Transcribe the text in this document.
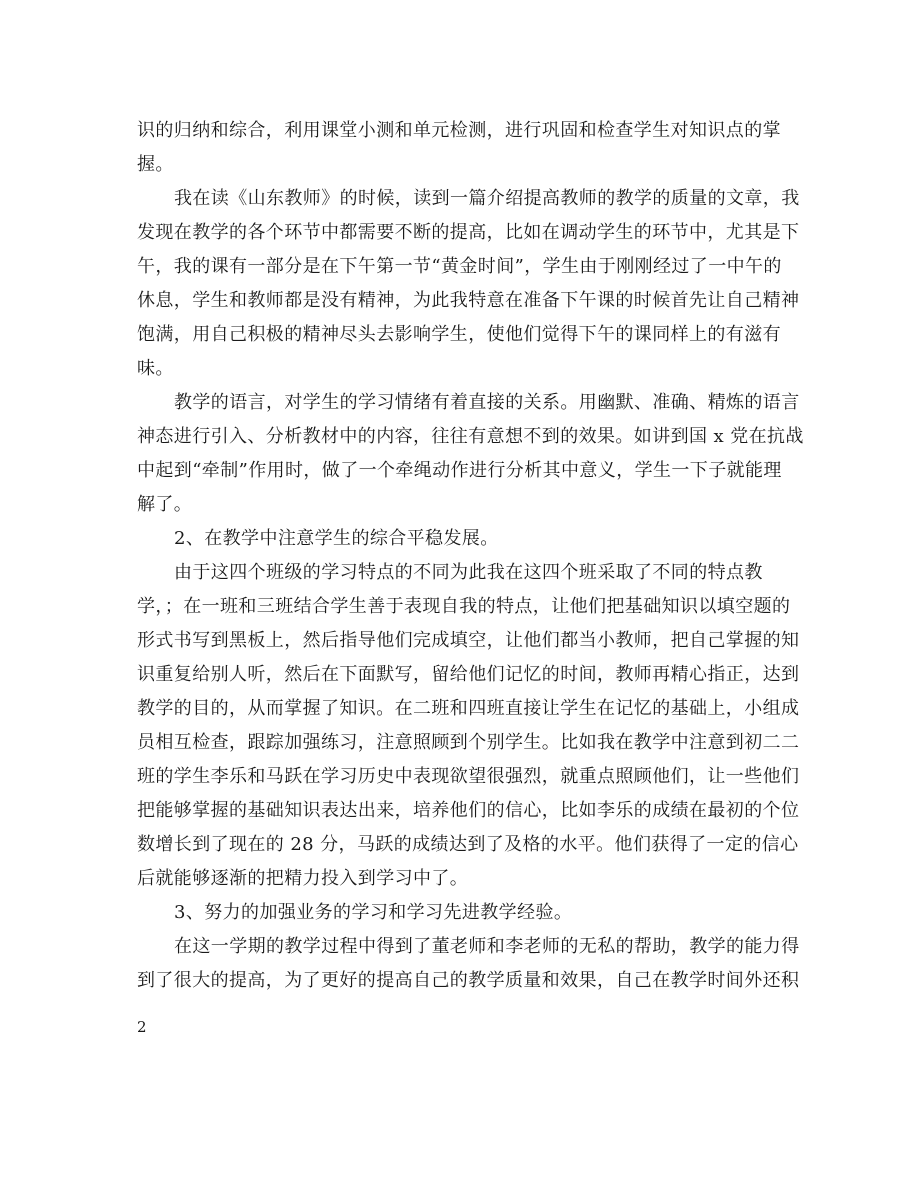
识的归纳和综合，利用课堂小测和单元检测，进行巩固和检查学生对知识点的掌
握。
我在读《山东教师》的时候，读到一篇介绍提高教师的教学的质量的文章，我
发现在教学的各个环节中都需要不断的提高，比如在调动学生的环节中，尤其是下
午，我的课有一部分是在下午第一节“黄金时间”，学生由于刚刚经过了一中午的
休息，学生和教师都是没有精神，为此我特意在准备下午课的时候首先让自己精神
饱满，用自己积极的精神尽头去影响学生，使他们觉得下午的课同样上的有滋有
味。
教学的语言，对学生的学习情绪有着直接的关系。用幽默、准确、精炼的语言
神态进行引入、分析教材中的内容，往往有意想不到的效果。如讲到国 x 党在抗战
中起到“牵制”作用时，做了一个牵绳动作进行分析其中意义，学生一下子就能理
解了。
2、在教学中注意学生的综合平稳发展。
由于这四个班级的学习特点的不同为此我在这四个班采取了不同的特点教
学，；在一班和三班结合学生善于表现自我的特点，让他们把基础知识以填空题的
形式书写到黑板上，然后指导他们完成填空，让他们都当小教师，把自己掌握的知
识重复给别人听，然后在下面默写，留给他们记忆的时间，教师再精心指正，达到
教学的目的，从而掌握了知识。在二班和四班直接让学生在记忆的基础上，小组成
员相互检查，跟踪加强练习，注意照顾到个别学生。比如我在教学中注意到初二二
班的学生李乐和马跃在学习历史中表现欲望很强烈，就重点照顾他们，让一些他们
把能够掌握的基础知识表达出来，培养他们的信心，比如李乐的成绩在最初的个位
数增长到了现在的 28 分，马跃的成绩达到了及格的水平。他们获得了一定的信心
后就能够逐渐的把精力投入到学习中了。
3、努力的加强业务的学习和学习先进教学经验。
在这一学期的教学过程中得到了董老师和李老师的无私的帮助，教学的能力得
到了很大的提高，为了更好的提高自己的教学质量和效果，自己在教学时间外还积
2
